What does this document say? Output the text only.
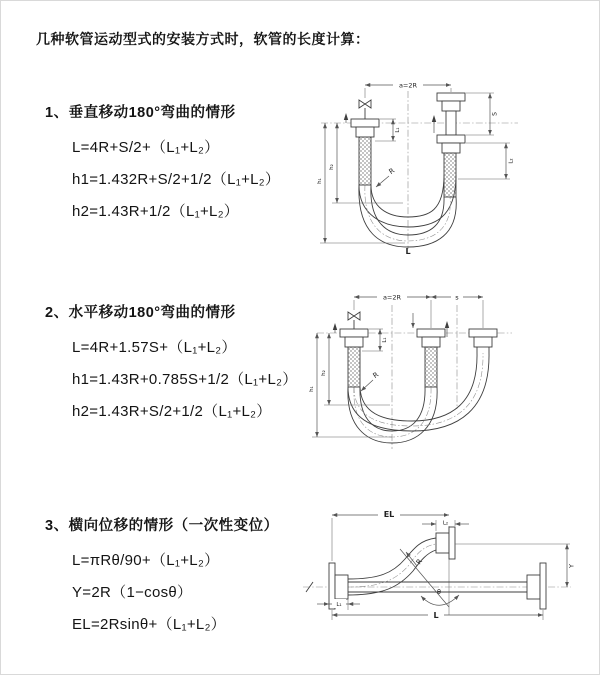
几种软管运动型式的安装方式时，软管的长度计算：
1、垂直移动180°弯曲的情形

L=4R+S/2+（L₁+L₂）

h1=1.432R+S/2+1/2（L₁+L₂）

h2=1.43R+1/2（L₁+L₂）

a=2R
h₁
h₂
L₁
S
L₂
R
L
2、水平移动180°弯曲的情形

L=4R+1.57S+（L₁+L₂）

h1=1.43R+0.785S+1/2（L₁+L₂）

h2=1.43R+S/2+1/2（L₁+L₂）

a=2R	s
h₁
h₂
L₁
R
3、横向位移的情形（一次性变位）

L=πRθ/90+（L₁+L₂）

Y=2R（1−cosθ）

EL=2Rsinθ+（L₁+L₂）

θ
R
EL
L₂
Y
L₁
L
